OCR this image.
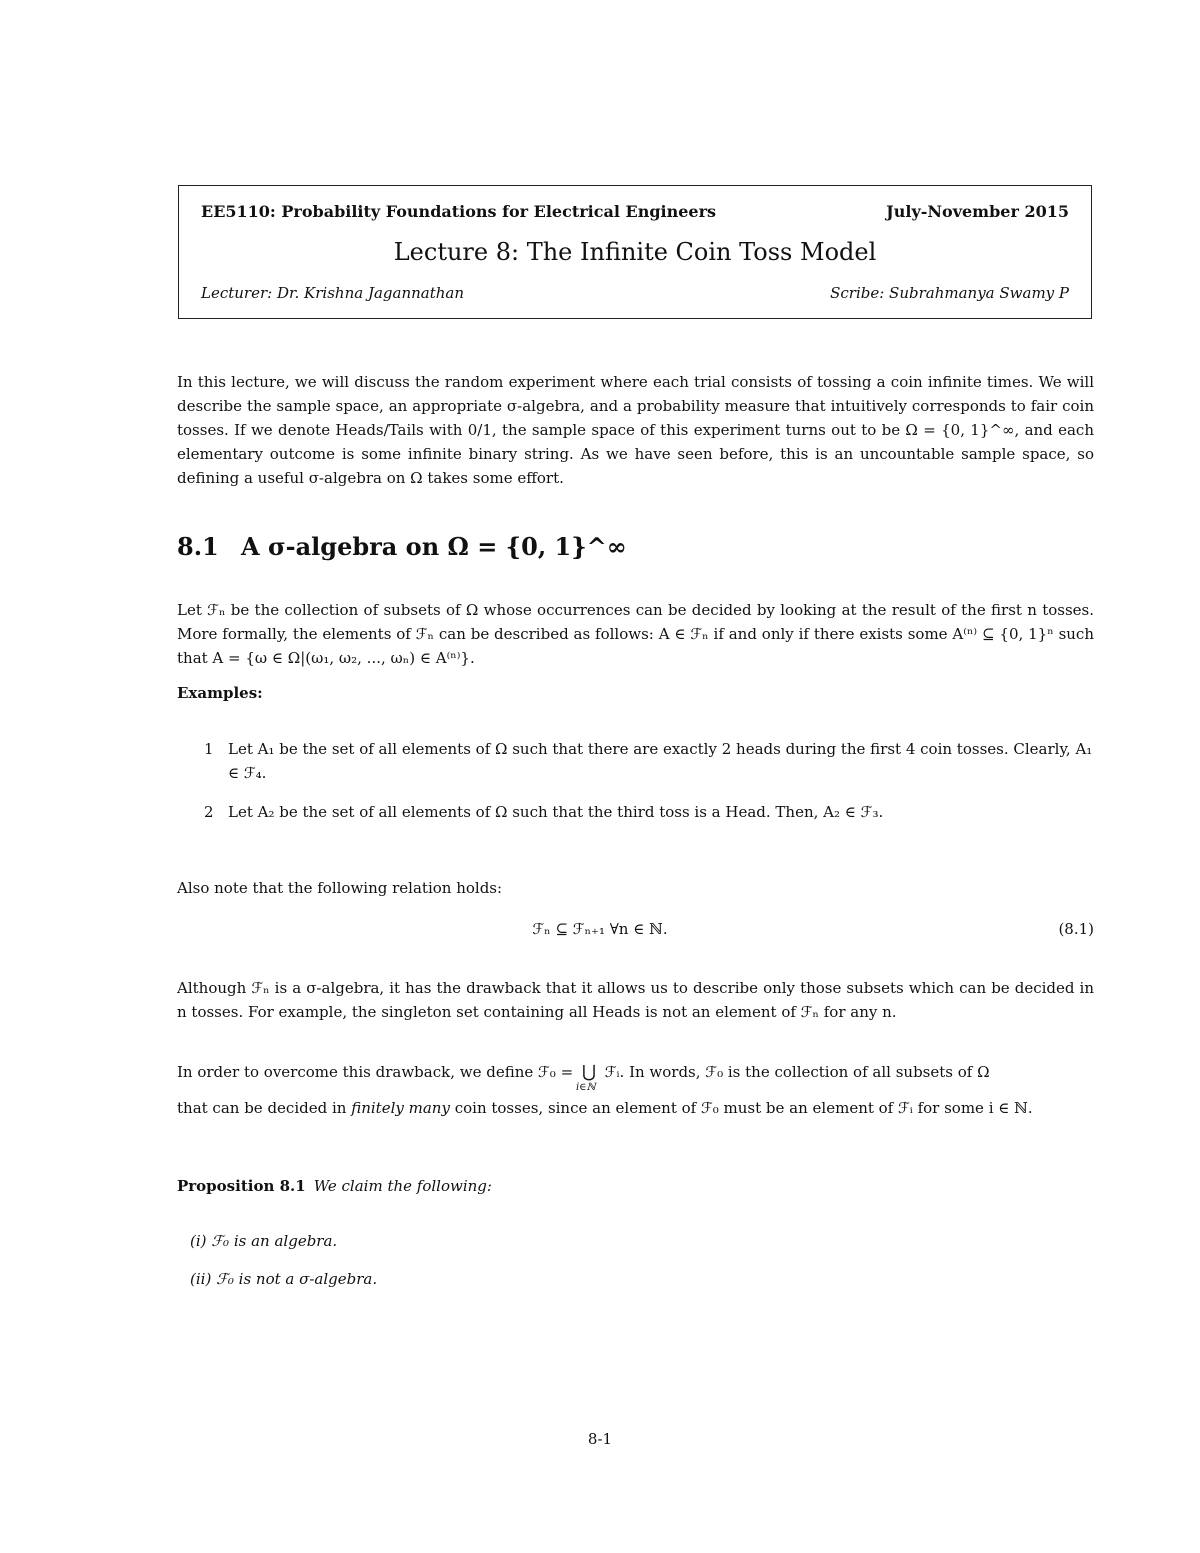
EE5110: Probability Foundations for Electrical Engineers	July-November 2015
Lecture 8: The Infinite Coin Toss Model
Lecturer: Dr. Krishna Jagannathan	Scribe: Subrahmanya Swamy P
In this lecture, we will discuss the random experiment where each trial consists of tossing a coin infinite times. We will describe the sample space, an appropriate σ-algebra, and a probability measure that intuitively corresponds to fair coin tosses. If we denote Heads/Tails with 0/1, the sample space of this experiment turns out to be Ω = {0, 1}^∞, and each elementary outcome is some infinite binary string. As we have seen before, this is an uncountable sample space, so defining a useful σ-algebra on Ω takes some effort.
8.1 A σ-algebra on Ω = {0, 1}^∞
Let ℱₙ be the collection of subsets of Ω whose occurrences can be decided by looking at the result of the first n tosses. More formally, the elements of ℱₙ can be described as follows: A ∈ ℱₙ if and only if there exists some A⁽ⁿ⁾ ⊆ {0, 1}ⁿ such that A = {ω ∈ Ω|(ω₁, ω₂, ..., ωₙ) ∈ A⁽ⁿ⁾}.
Examples:
1 Let A₁ be the set of all elements of Ω such that there are exactly 2 heads during the first 4 coin tosses. Clearly, A₁ ∈ ℱ₄.
2 Let A₂ be the set of all elements of Ω such that the third toss is a Head. Then, A₂ ∈ ℱ₃.
Also note that the following relation holds:
ℱₙ ⊆ ℱₙ₊₁ ∀n ∈ ℕ.	(8.1)
Although ℱₙ is a σ-algebra, it has the drawback that it allows us to describe only those subsets which can be decided in n tosses. For example, the singleton set containing all Heads is not an element of ℱₙ for any n.
In order to overcome this drawback, we define ℱ₀ = ⋃
i∈ℕ
ℱᵢ. In words, ℱ₀ is the collection of all subsets of Ω
that can be decided in finitely many coin tosses, since an element of ℱ₀ must be an element of ℱᵢ for some i ∈ ℕ.
Proposition 8.1 We claim the following:
(i) ℱ₀ is an algebra.
(ii) ℱ₀ is not a σ-algebra.
8-1
